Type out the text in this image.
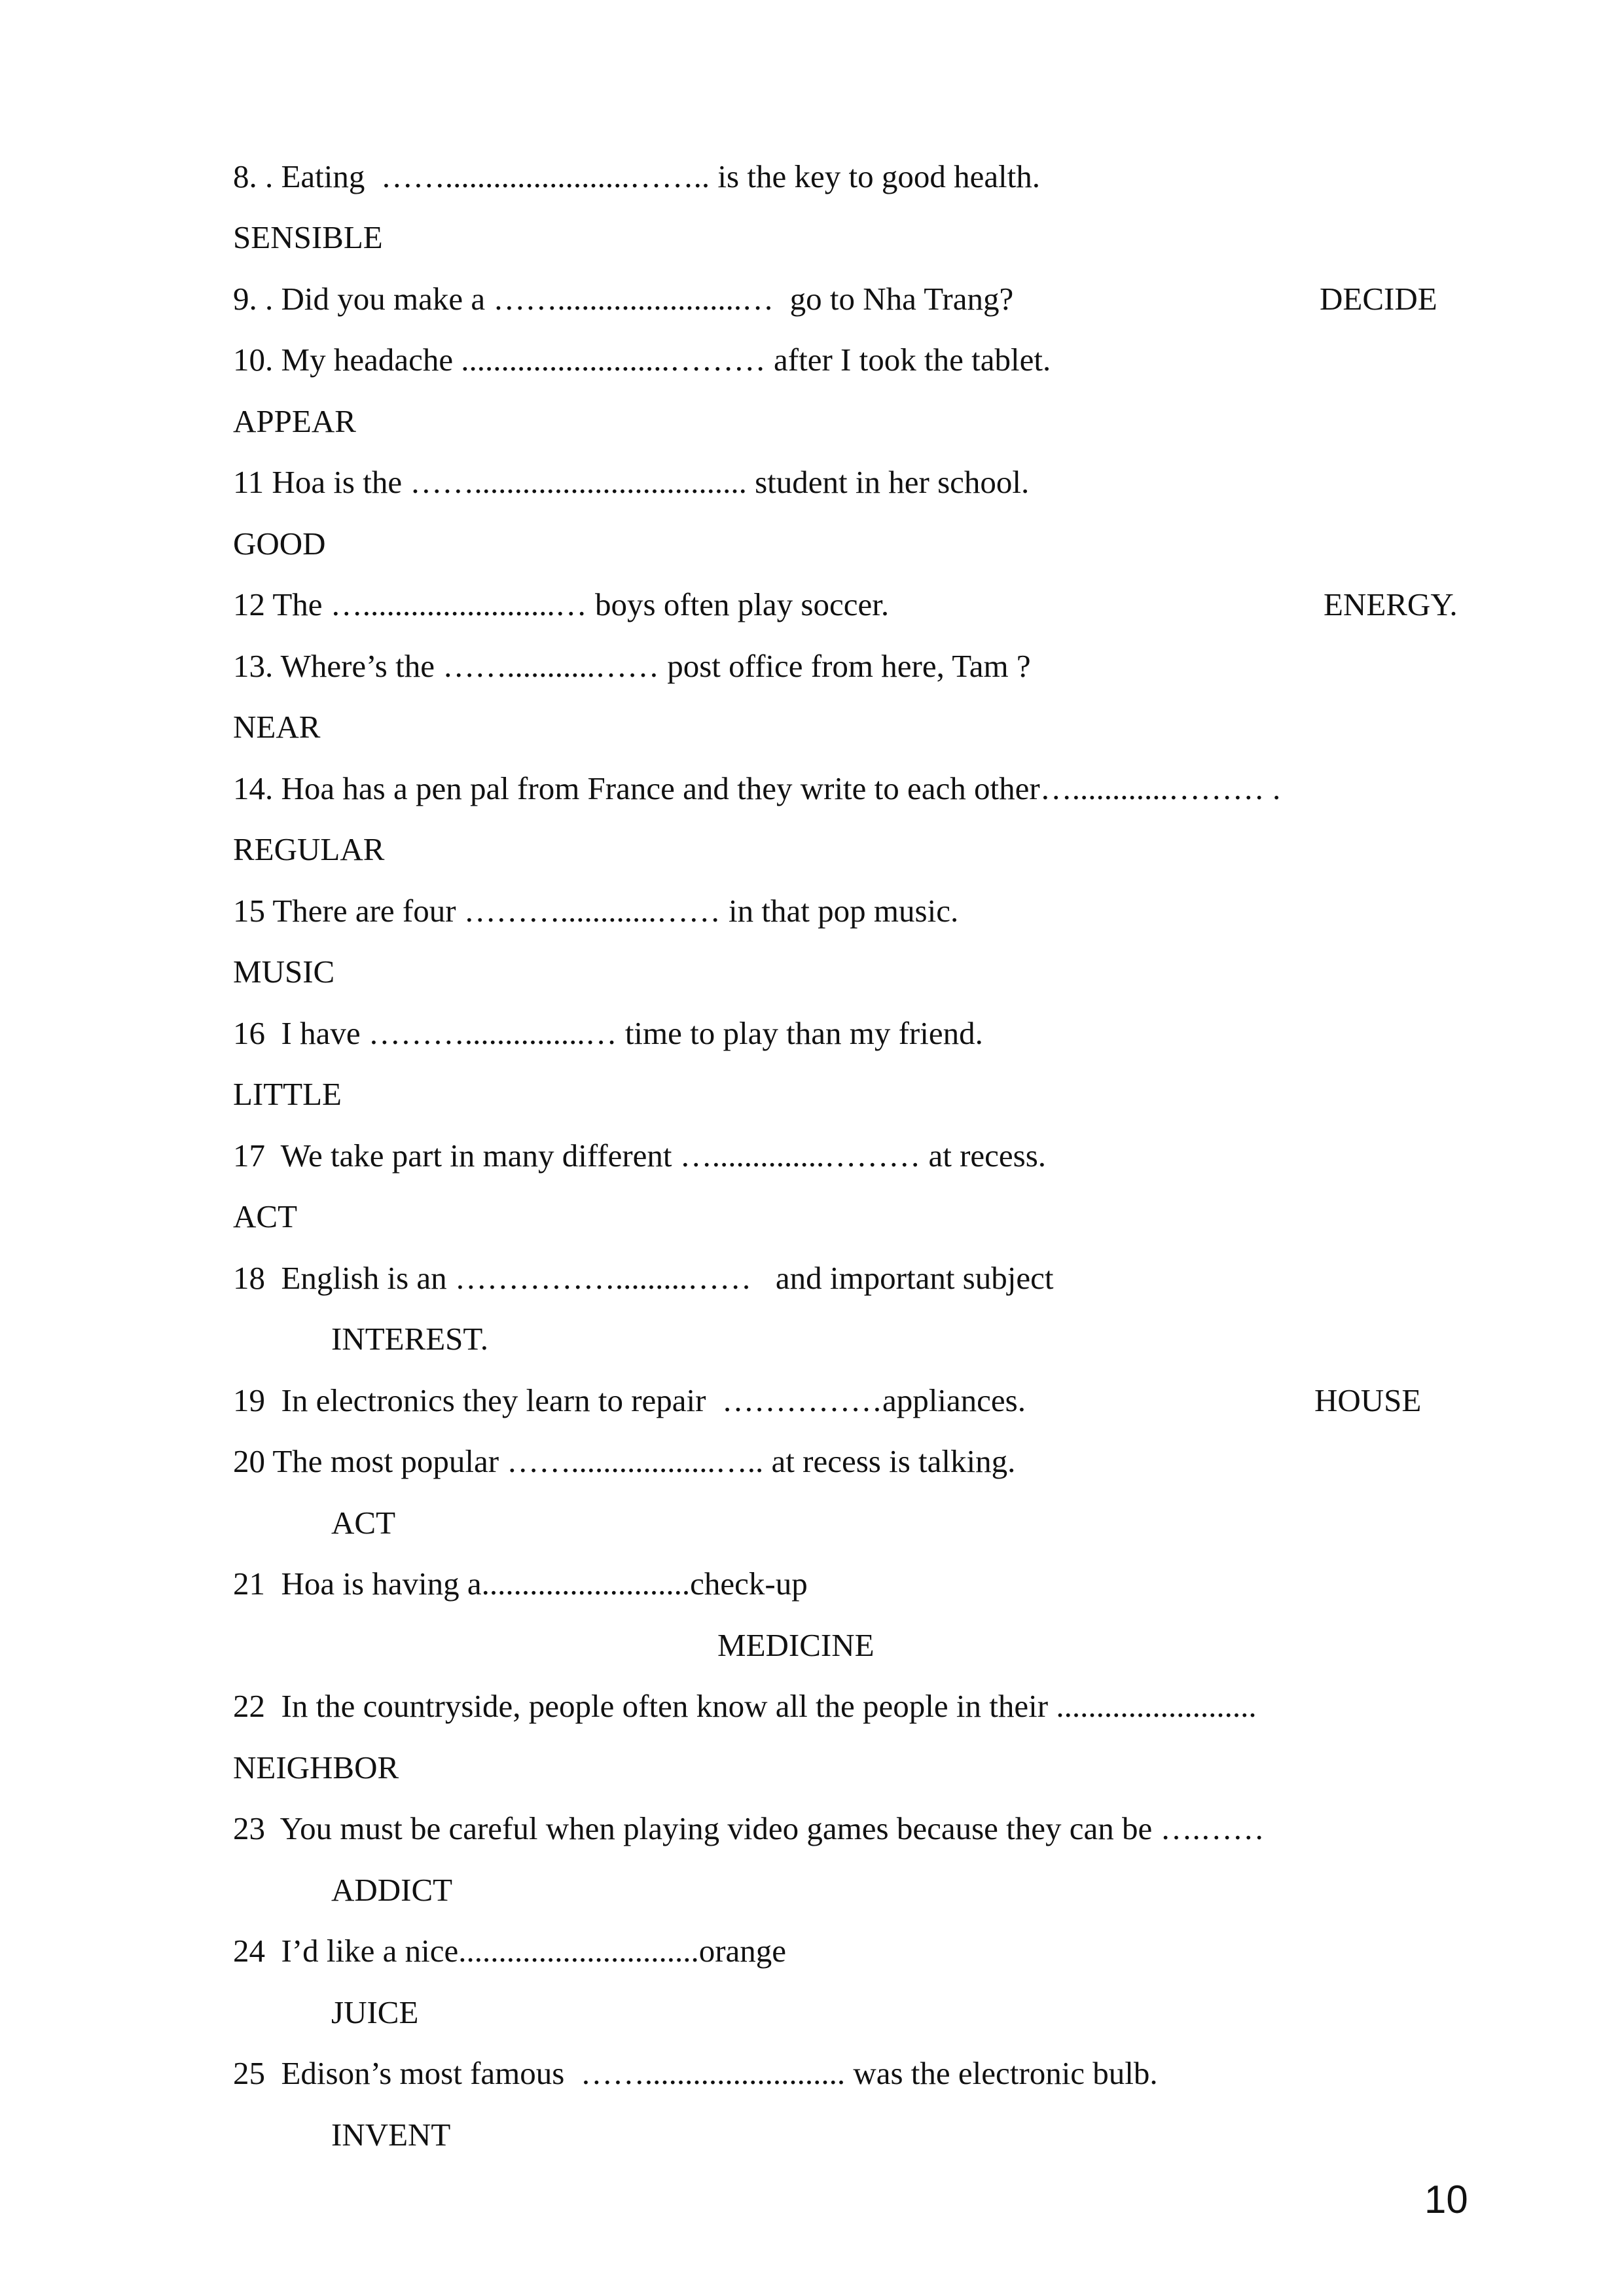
8. . Eating  …….......................…….. is the key to good health.
SENSIBLE
9. . Did you make a …….......................…  go to Nha Trang?	DECIDE
10. My headache ..........................……… after I took the tablet.
APPEAR
11 Hoa is the …….................................. student in her school.
GOOD
12 The …........................… boys often play soccer.	ENERGY.
13. Where’s the ……...........…… post office from here, Tam ?
NEAR
14. Hoa has a pen pal from France and they write to each other…............……… .
REGULAR
15 There are four ………............…… in that pop music.
MUSIC
16  I have ………...............… time to play than my friend.
LITTLE
17  We take part in many different …..............……… at recess.
ACT
18  English is an …………….........……   and important subject
INTEREST.
19  In electronics they learn to repair  ……………appliances.	HOUSE
20 The most popular ……..................….. at recess is talking.
ACT
21  Hoa is having a..........................check-up
MEDICINE
22  In the countryside, people often know all the people in their .........................
NEIGHBOR
23  You must be careful when playing video games because they can be ….……
ADDICT
24  I’d like a nice..............................orange
JUICE
25  Edison’s most famous  ……......................... was the electronic bulb.
INVENT
10
